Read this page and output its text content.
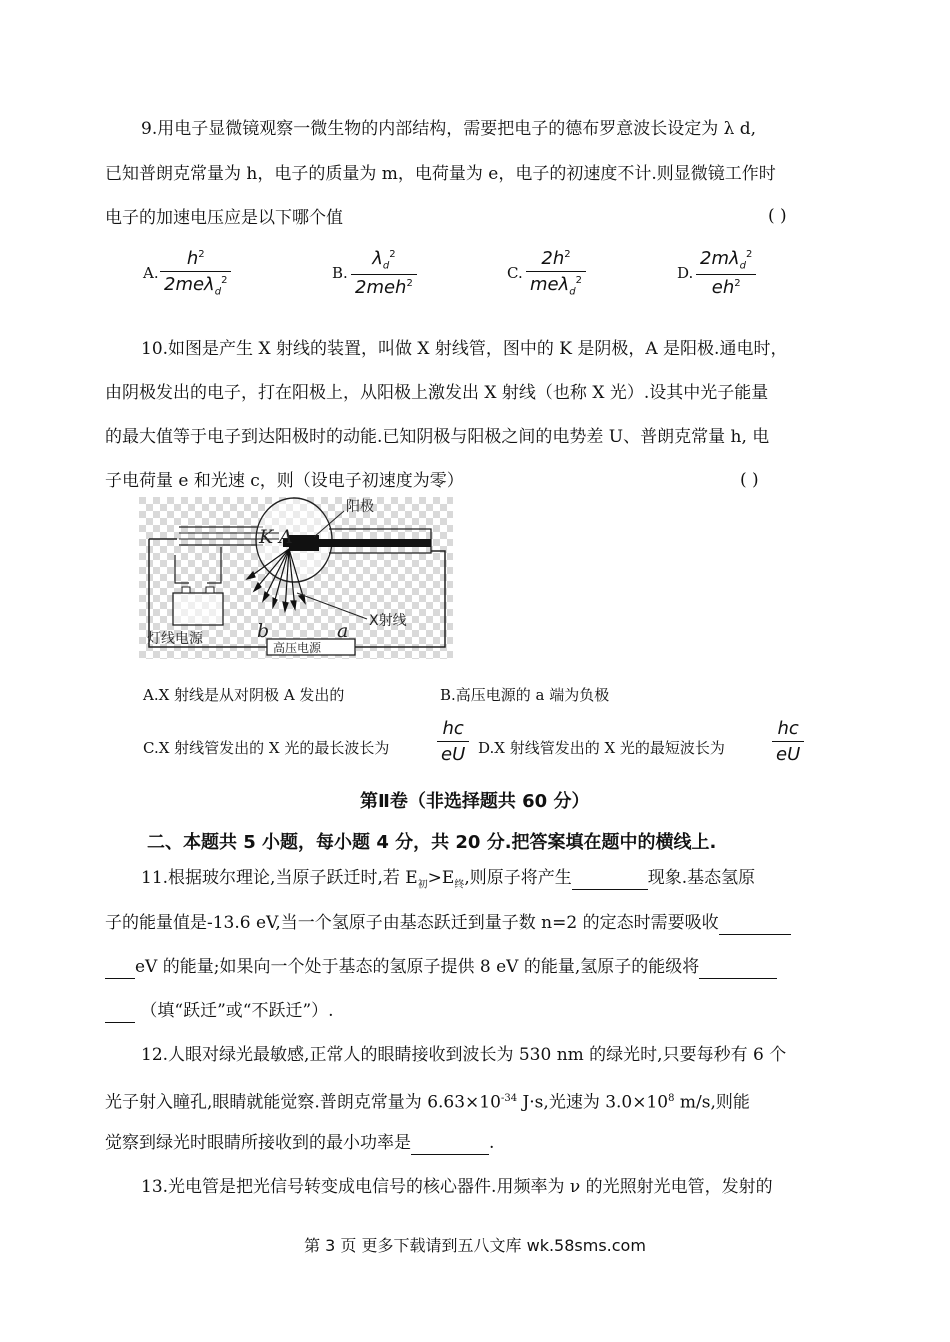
9.用电子显微镜观察一微生物的内部结构，需要把电子的德布罗意波长设定为 λ d,
已知普朗克常量为 h，电子的质量为 m，电荷量为 e，电子的初速度不计.则显微镜工作时
电子的加速电压应是以下哪个值	( )
A.
$h^2$
2meλ$_d^2$	B.
$\lambda_d^2$
2meh$^2$
C.
$2h^2$
meλ$_d^2$	D.
$2m\lambda_d^2$
$eh^2$
10.如图是产生 X 射线的装置，叫做 X 射线管，图中的 K 是阴极，A 是阳极.通电时，
由阴极发出的电子，打在阳极上，从阳极上激发出 X 射线（也称 X 光）.设其中光子能量
的最大值等于电子到达阳极时的动能.已知阴极与阳极之间的电势差 U、普朗克常量 h, 电
子电荷量 e 和光速 c，则（设电子初速度为零）	( )
灯线电源
K A
阳极
X射线
高压电源
b	a
A.X 射线是从对阴极 A 发出的	B.高压电源的 a 端为负极
C.X 射线管发出的 X 光的最长波长为
hc
eU D.X 射线管发出的 X 光的最短波长为
hc
eU
第Ⅱ卷（非选择题共 60 分）
二、本题共 5 小题，每小题 4 分，共 20 分.把答案填在题中的横线上.
11.根据玻尔理论,当原子跃迁时,若 $E_初>E_终$,则原子将产生	现象.基态氢原
子的能量值是-13.6 eV,当一个氢原子由基态跃迁到量子数 n=2 的定态时需要吸收
eV 的能量;如果向一个处于基态的氢原子提供 8 eV 的能量,氢原子的能级将
（填“跃迁”或“不跃迁”）.
12.人眼对绿光最敏感,正常人的眼睛接收到波长为 530 nm 的绿光时,只要每秒有 6 个
光子射入瞳孔,眼睛就能觉察.普朗克常量为 $6.63\times 10^{-34}$ J·s,光速为 $3.0\times 10^8$ m/s,则能
觉察到绿光时眼睛所接收到的最小功率是	.
13.光电管是把光信号转变成电信号的核心器件.用频率为 ν 的光照射光电管，发射的
第 3 页 更多下载请到五八文库 wk.58sms.com
